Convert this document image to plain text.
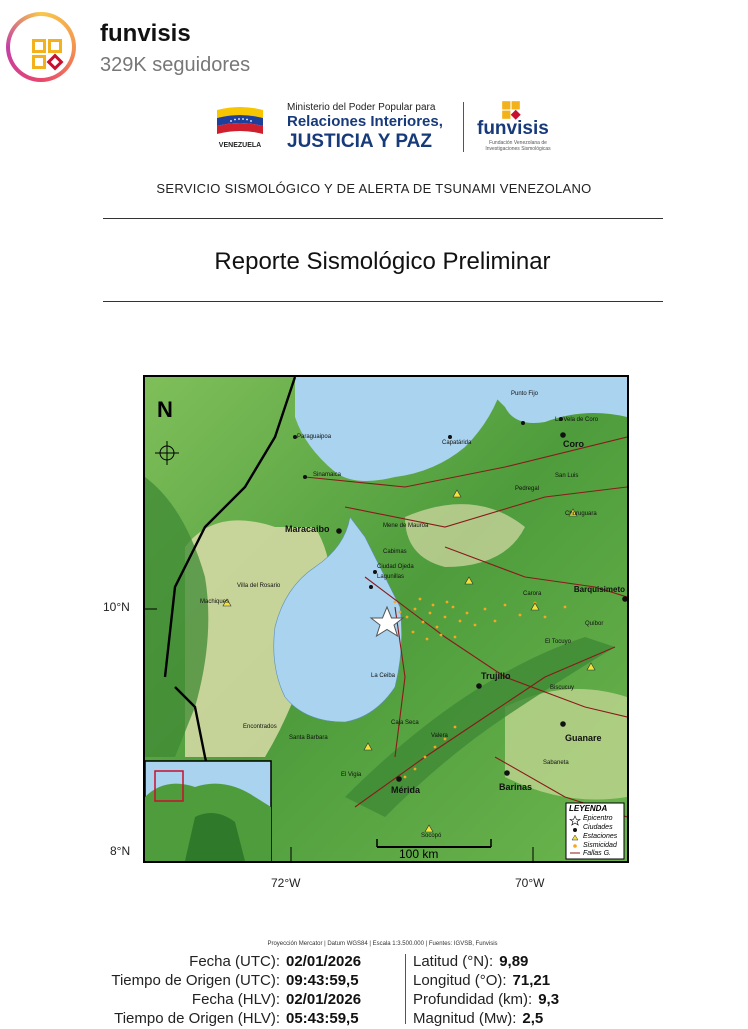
funvisis
329K seguidores
VENEZUELA
Ministerio del Poder Popular para
Relaciones Interiores,
JUSTICIA Y PAZ
funvisis
Fundación Venezolana de Investigaciones Sismológicas
SERVICIO SISMOLÓGICO Y DE ALERTA DE TSUNAMI VENEZOLANO
Reporte Sismológico Preliminar
N
100 km
LEYENDA
Epicentro
Ciudades
Estaciones
Sismicidad
Fallas G.
Punto Fijo
La Vela de Coro
Coro
Paraguaipoa
Capatárida
San Luis
Sinamaica
Pedregal
Maracaibo	Mene de Mauroa
Churuguara
Cabimas
Ciudad Ojeda
Lagunillas
Villa del Rosario
Machiques
Carora	Barquisimeto
Quíbor
El Tocuyo
La Ceiba	Trujillo
Biscucuy
Guanare
Encontrados
Santa Barbara
Caja Seca
Valera
Barinas
Sabaneta
El Vigia
Mérida
Socopó
10°N
8°N
72°W	70°W
Proyección Mercator | Datum WGS84 | Escala 1:3.500.000 | Fuentes: IGVSB, Funvisis
Fecha (UTC): 02/01/2026
Tiempo de Origen (UTC): 09:43:59,5
Fecha (HLV): 02/01/2026
Tiempo de Origen (HLV): 05:43:59,5
Latitud (°N): 9,89
Longitud (°O): 71,21
Profundidad (km): 9,3
Magnitud (Mw): 2,5
